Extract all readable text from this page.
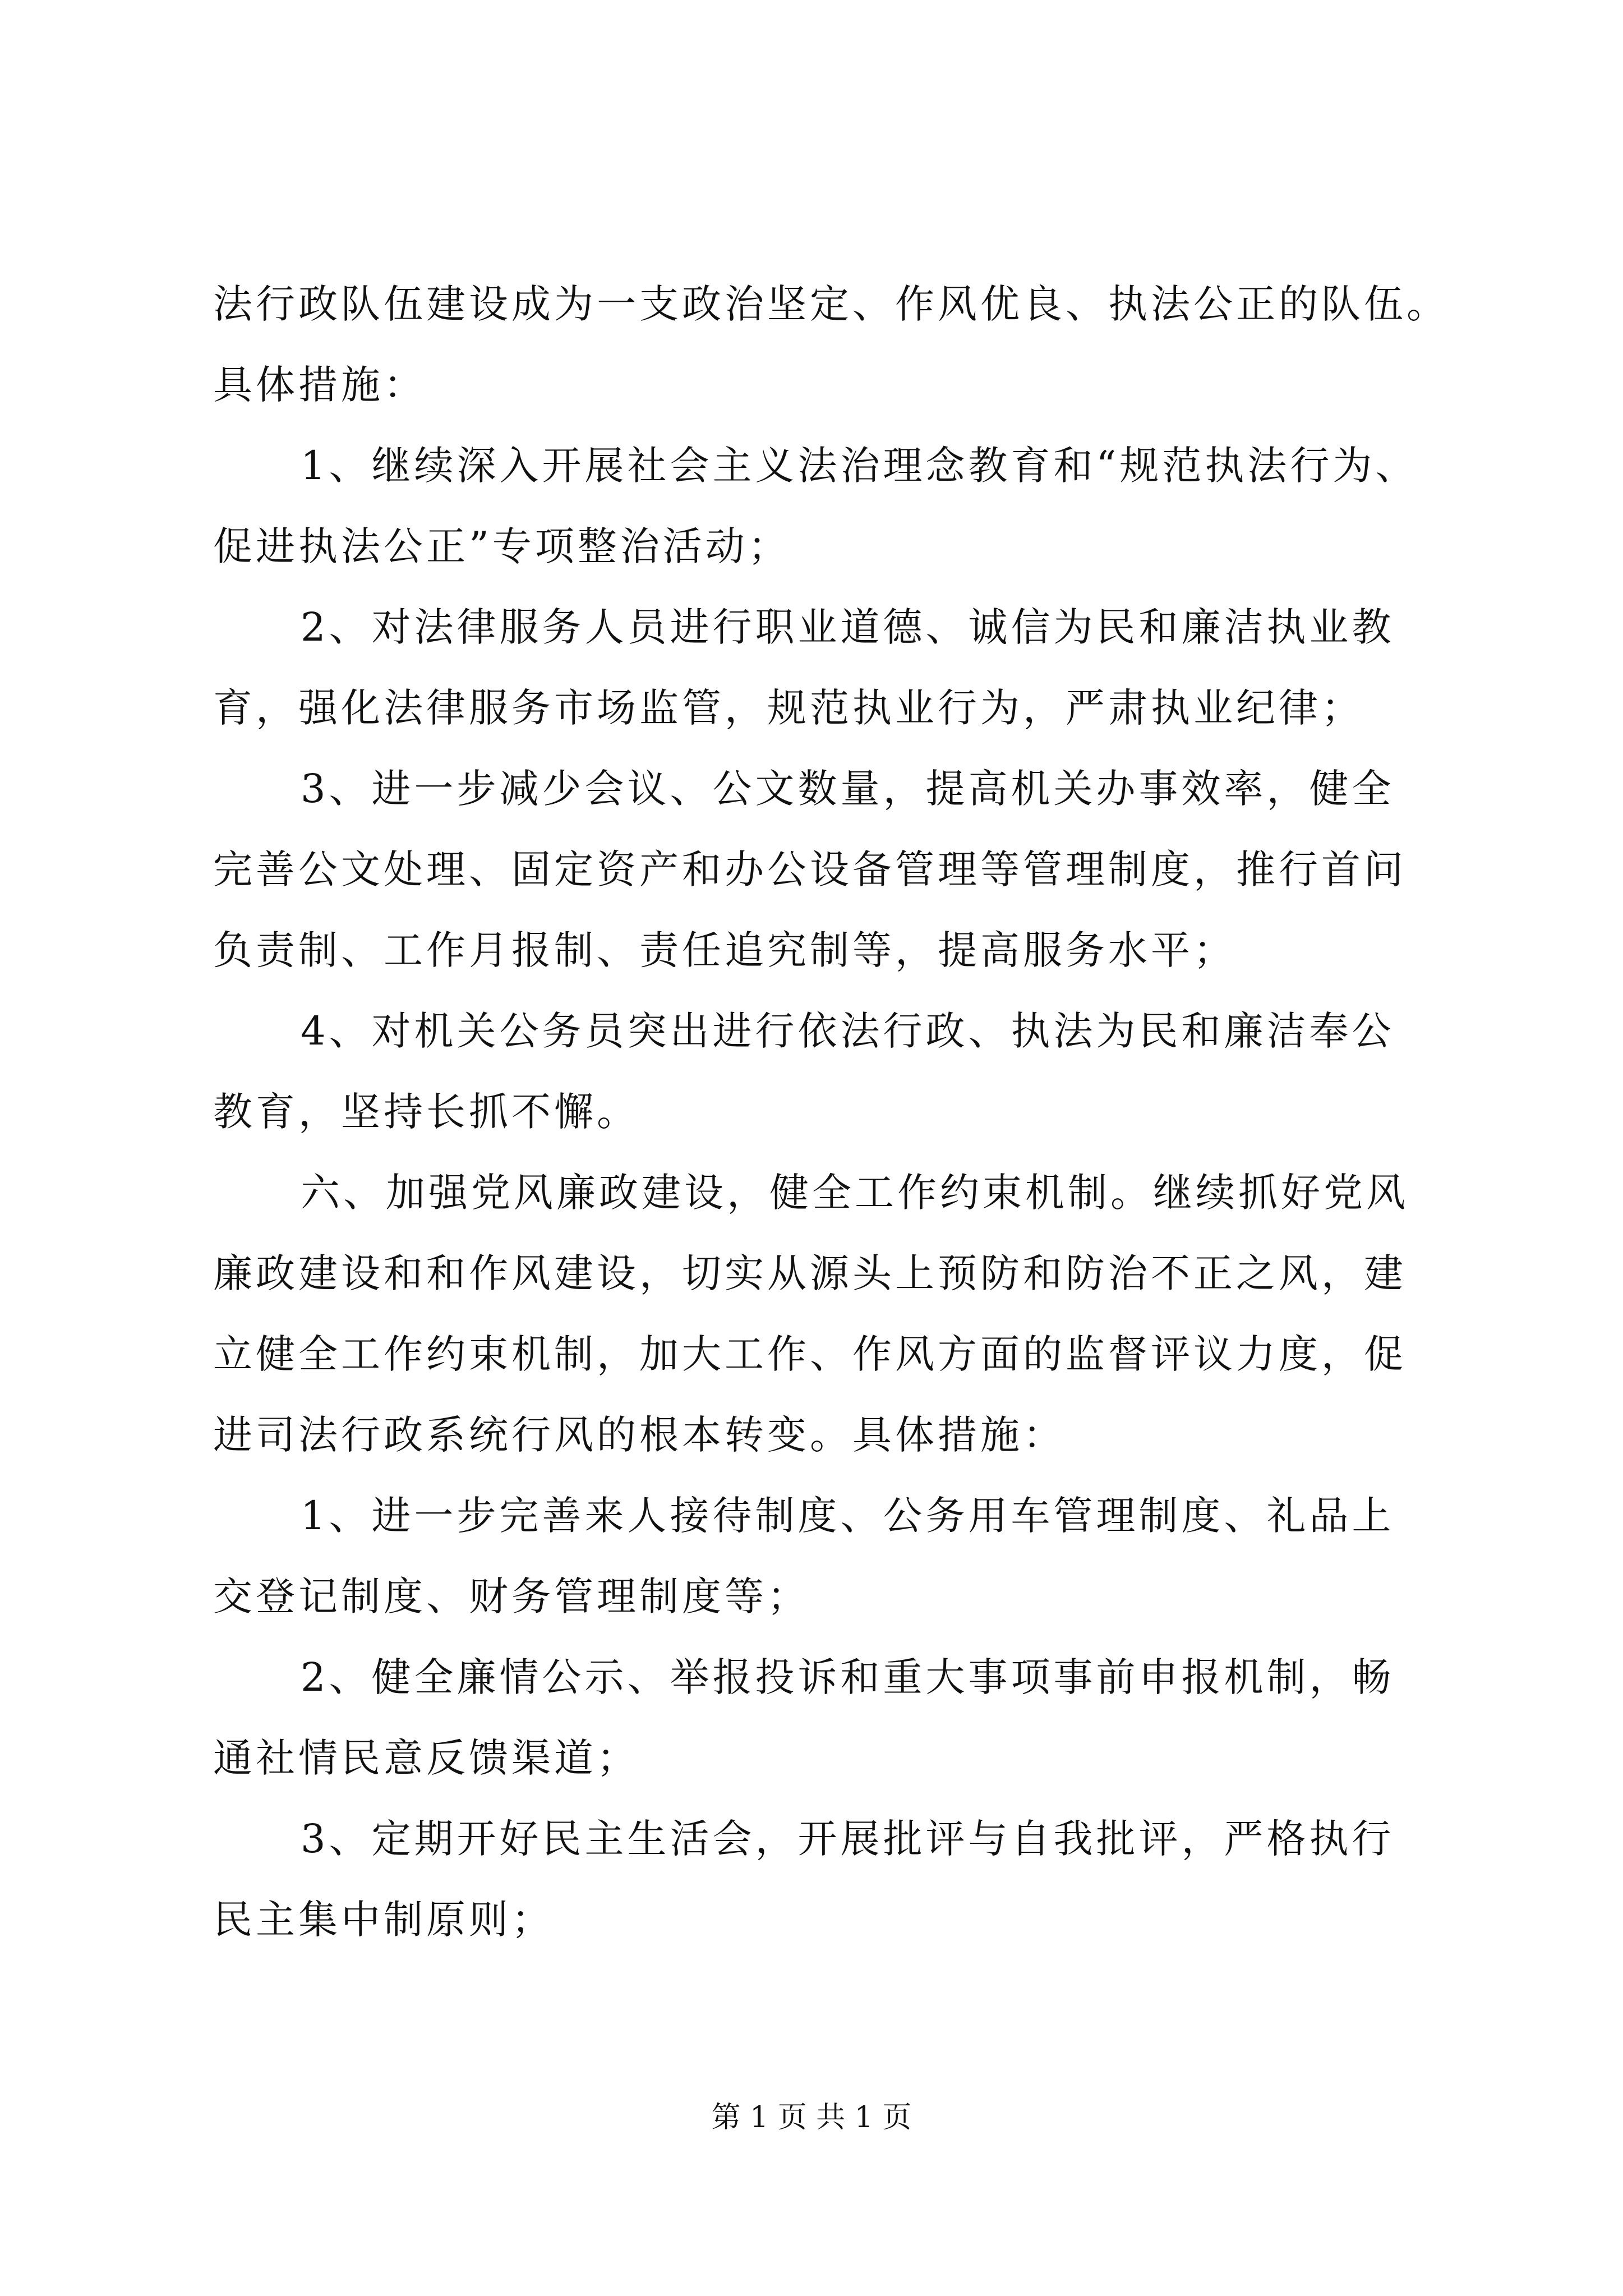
法行政队伍建设成为一支政治坚定、作风优良、执法公正的队伍。
具体措施：
1、继续深入开展社会主义法治理念教育和“规范执法行为、
促进执法公正”专项整治活动；
2、对法律服务人员进行职业道德、诚信为民和廉洁执业教
育，强化法律服务市场监管，规范执业行为，严肃执业纪律；
3、进一步减少会议、公文数量，提高机关办事效率，健全
完善公文处理、固定资产和办公设备管理等管理制度，推行首问
负责制、工作月报制、责任追究制等，提高服务水平；
4、对机关公务员突出进行依法行政、执法为民和廉洁奉公
教育，坚持长抓不懈。
六、加强党风廉政建设，健全工作约束机制。继续抓好党风
廉政建设和和作风建设，切实从源头上预防和防治不正之风，建
立健全工作约束机制，加大工作、作风方面的监督评议力度，促
进司法行政系统行风的根本转变。具体措施：
1、进一步完善来人接待制度、公务用车管理制度、礼品上
交登记制度、财务管理制度等；
2、健全廉情公示、举报投诉和重大事项事前申报机制，畅
通社情民意反馈渠道；
3、定期开好民主生活会，开展批评与自我批评，严格执行
民主集中制原则；
第 1 页 共 1 页
